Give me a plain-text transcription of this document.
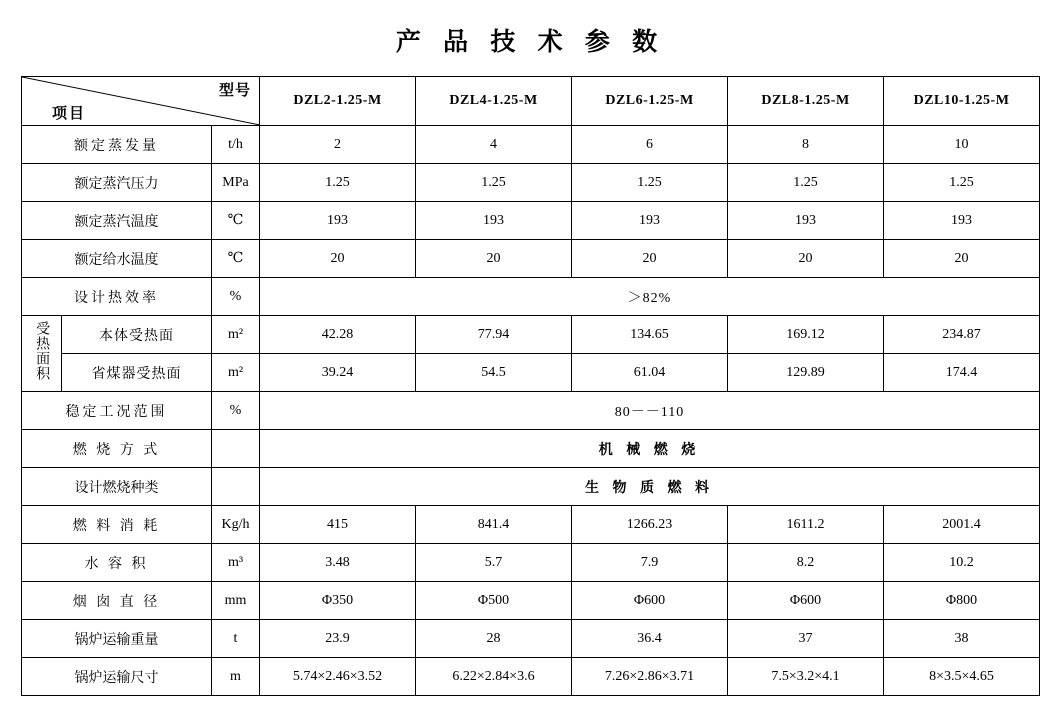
产 品 技 术 参 数
项目
型号			DZL2-1.25-M	DZL4-1.25-M	DZL6-1.25-M	DZL8-1.25-M	DZL10-1.25-M
额定蒸发量		t/h	2	4	6	8	10
额定蒸汽压力		MPa	1.25	1.25	1.25	1.25	1.25
额定蒸汽温度		℃	193	193	193	193	193
额定给水温度		℃	20	20	20	20	20
设计热效率		%	＞82%				
受热面积	本体受热面	m²	42.28	77.94	134.65	169.12	234.87
	省煤器受热面	m²	39.24	54.5	61.04	129.89	174.4
稳定工况范围		%	80－－110				
燃 烧 方 式			机 械 燃 烧				
设计燃烧种类			生 物 质 燃 料				
燃 料 消 耗		Kg/h	415	841.4	1266.23	1611.2	2001.4
水 容 积		m³	3.48	5.7	7.9	8.2	10.2
烟 囱 直 径		mm	Φ350	Φ500	Φ600	Φ600	Φ800
锅炉运输重量		t	23.9	28	36.4	37	38
锅炉运输尺寸		m	5.74×2.46×3.52	6.22×2.84×3.6	7.26×2.86×3.71	7.5×3.2×4.1	8×3.5×4.65
